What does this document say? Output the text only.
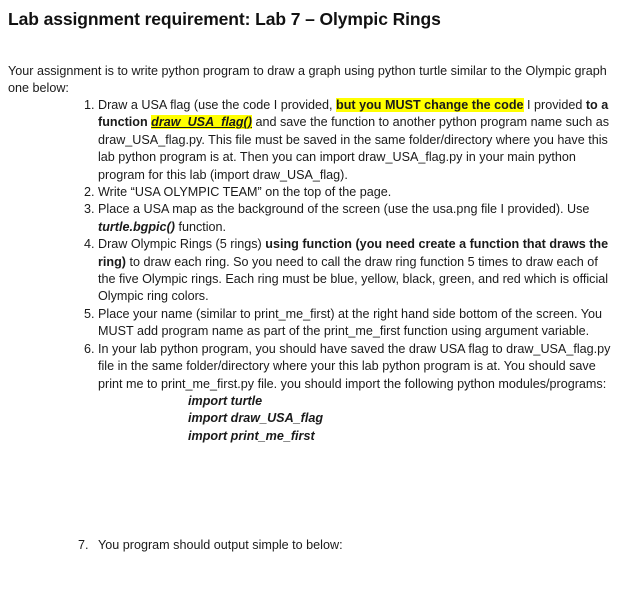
Lab assignment requirement: Lab 7 – Olympic Rings

Your assignment is to write python program to draw a graph using python turtle similar to the Olympic graph one below:

1. Draw a USA flag (use the code I provided, but you MUST change the code I provided to a function draw_USA_flag() and save the function to another python program name such as draw_USA_flag.py. This file must be saved in the same folder/directory where you have this lab python program is at. Then you can import draw_USA_flag.py in your main python program for this lab (import draw_USA_flag).
2. Write “USA OLYMPIC TEAM” on the top of the page.
3. Place a USA map as the background of the screen (use the usa.png file I provided). Use turtle.bgpic() function.
4. Draw Olympic Rings (5 rings) using function (you need create a function that draws the ring) to draw each ring. So you need to call the draw ring function 5 times to draw each of the five Olympic rings. Each ring must be blue, yellow, black, green, and red which is official Olympic ring colors.
5. Place your name (similar to print_me_first) at the right hand side bottom of the screen. You MUST add program name as part of the print_me_first function using argument variable.
6. In your lab python program, you should have saved the draw USA flag to draw_USA_flag.py file in the same folder/directory where your this lab python program is at. You should save print me to print_me_first.py file. you should import the following python modules/programs:
import turtle
import draw_USA_flag
import print_me_first
7. You program should output simple to below:
